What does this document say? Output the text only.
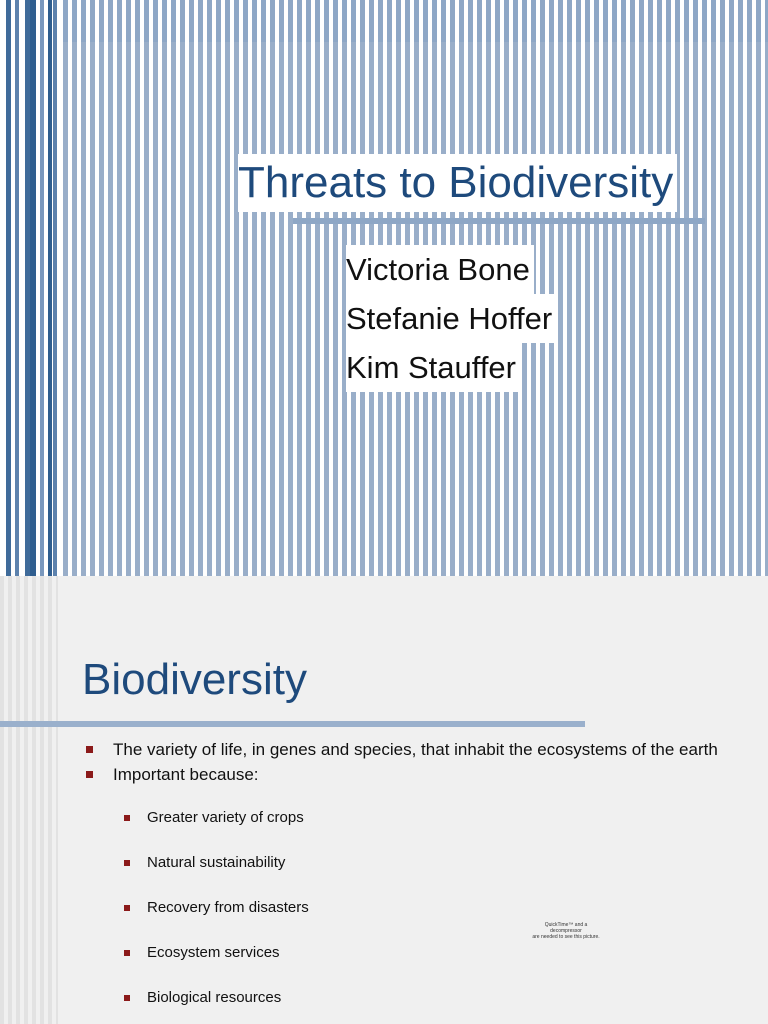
Threats to Biodiversity
Victoria Bone
Stefanie Hoffer
Kim Stauffer
Biodiversity
The variety of life, in genes and species, that inhabit the ecosystems of the earth
Important because:
Greater variety of crops
Natural sustainability
Recovery from disasters
Ecosystem services
Biological resources
QuickTime™ and a
decompressor
are needed to see this picture.
